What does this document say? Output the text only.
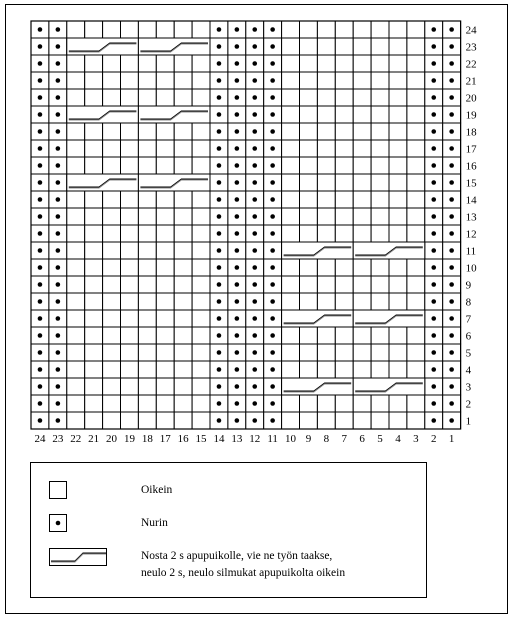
24
23
22
21
20
19
18
17
16
15
14
13
12
11
10
9
8
7
6
5
4
3
2
1
24 23 22 21 20 19 18 17 16 15 14 13 12 11 10 9 8 7 6 5 4 3 2 1
Oikein
Nurin
Nosta 2 s apupuikolle, vie ne työn taakse,
neulo 2 s, neulo silmukat apupuikolta oikein
